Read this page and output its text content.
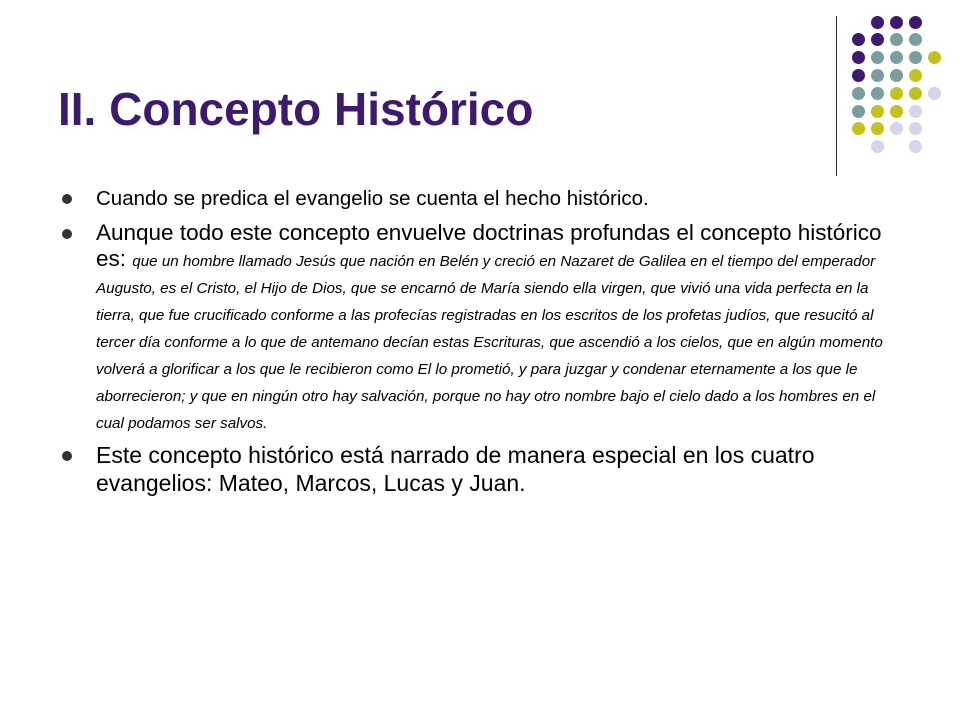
II. Concepto Histórico
Cuando se predica el evangelio se cuenta el hecho histórico.
Aunque todo este concepto envuelve doctrinas profundas el concepto histórico es: que un hombre llamado Jesús que nación en Belén y creció en Nazaret de Galilea en el tiempo del emperador Augusto, es el Cristo, el Hijo de Dios, que se encarnó de María siendo ella virgen, que vivió una vida perfecta en la tierra, que fue crucificado conforme a las profecías registradas en los escritos de los profetas judíos, que resucitó al tercer día conforme a lo que de antemano decían estas Escrituras, que ascendió a los cielos, que en algún momento volverá a glorificar a los que le recibieron como El lo prometió, y para juzgar y condenar eternamente a los que le aborrecieron; y que en ningún otro hay salvación, porque no hay otro nombre bajo el cielo dado a los hombres en el cual podamos ser salvos.
Este concepto histórico está narrado de manera especial en los cuatro evangelios: Mateo, Marcos, Lucas y Juan.
